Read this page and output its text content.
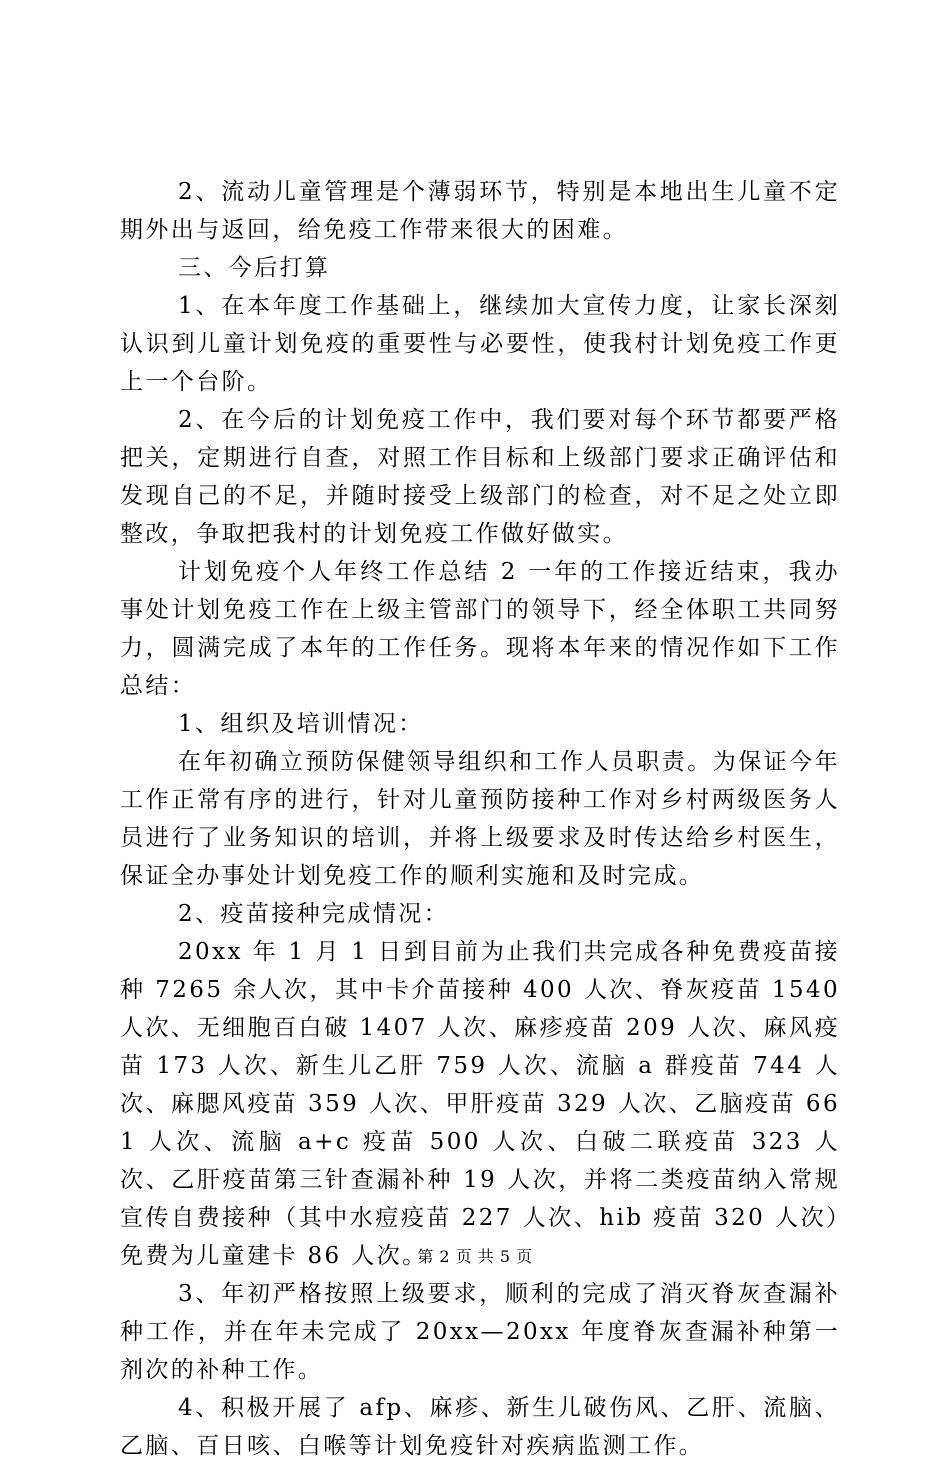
2、流动儿童管理是个薄弱环节，特别是本地出生儿童不定期外出与返回，给免疫工作带来很大的困难。

三、今后打算

1、在本年度工作基础上，继续加大宣传力度，让家长深刻认识到儿童计划免疫的重要性与必要性，使我村计划免疫工作更上一个台阶。

2、在今后的计划免疫工作中，我们要对每个环节都要严格把关，定期进行自查，对照工作目标和上级部门要求正确评估和发现自己的不足，并随时接受上级部门的检查，对不足之处立即整改，争取把我村的计划免疫工作做好做实。

计划免疫个人年终工作总结 2 一年的工作接近结束，我办事处计划免疫工作在上级主管部门的领导下，经全体职工共同努力，圆满完成了本年的工作任务。现将本年来的情况作如下工作总结：

1、组织及培训情况：

在年初确立预防保健领导组织和工作人员职责。为保证今年工作正常有序的进行，针对儿童预防接种工作对乡村两级医务人员进行了业务知识的培训，并将上级要求及时传达给乡村医生，保证全办事处计划免疫工作的顺利实施和及时完成。

2、疫苗接种完成情况：

20xx 年 1 月 1 日到目前为止我们共完成各种免费疫苗接种 7265 余人次，其中卡介苗接种 400 人次、脊灰疫苗 1540 人次、无细胞百白破 1407 人次、麻疹疫苗 209 人次、麻风疫苗 173 人次、新生儿乙肝 759 人次、流脑 a 群疫苗 744 人次、麻腮风疫苗 359 人次、甲肝疫苗 329 人次、乙脑疫苗 661 人次、流脑 a+c 疫苗 500 人次、白破二联疫苗 323 人次、乙肝疫苗第三针查漏补种 19 人次，并将二类疫苗纳入常规宣传自费接种（其中水痘疫苗 227 人次、hib 疫苗 320 人次）免费为儿童建卡 86 人次。

3、年初严格按照上级要求，顺利的完成了消灭脊灰查漏补种工作，并在年未完成了 20xx—20xx 年度脊灰查漏补种第一剂次的补种工作。

4、积极开展了 afp、麻疹、新生儿破伤风、乙肝、流脑、乙脑、百日咳、白喉等计划免疫针对疾病监测工作。

第 2 页 共 5 页
